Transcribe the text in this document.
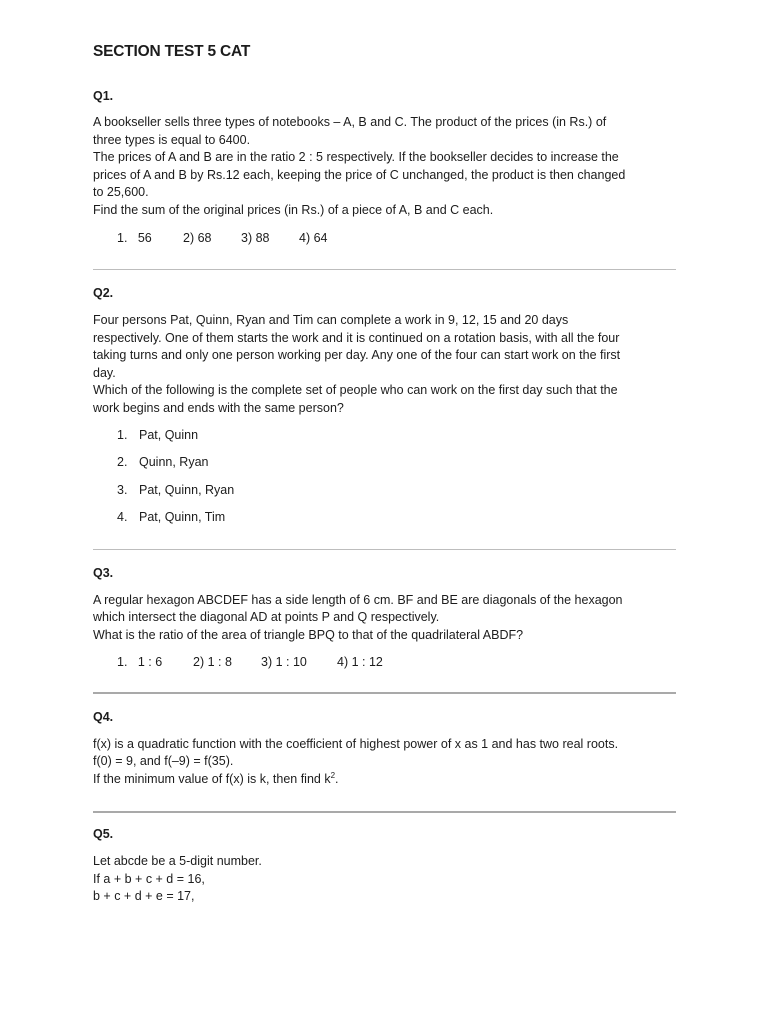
SECTION TEST 5 CAT
Q1.
A bookseller sells three types of notebooks – A, B and C. The product of the prices (in Rs.) of
three types is equal to 6400.
The prices of A and B are in the ratio 2 : 5 respectively. If the bookseller decides to increase the
prices of A and B by Rs.12 each, keeping the price of C unchanged, the product is then changed
to 25,600.
Find the sum of the original prices (in Rs.) of a piece of A, B and C each.
1.   56	2) 68 3) 88 4) 64
Q2.
Four persons Pat, Quinn, Ryan and Tim can complete a work in 9, 12, 15 and 20 days
respectively. One of them starts the work and it is continued on a rotation basis, with all the four
taking turns and only one person working per day. Any one of the four can start work on the first
day.
Which of the following is the complete set of people who can work on the first day such that the
work begins and ends with the same person?
1. Pat, Quinn
2. Quinn, Ryan
3. Pat, Quinn, Ryan
4. Pat, Quinn, Tim
Q3.
A regular hexagon ABCDEF has a side length of 6 cm. BF and BE are diagonals of the hexagon
which intersect the diagonal AD at points P and Q respectively.
What is the ratio of the area of triangle BPQ to that of the quadrilateral ABDF?
1.   1 : 6 2) 1 : 8 3) 1 : 10 4) 1 : 12
Q4.
f(x) is a quadratic function with the coefficient of highest power of x as 1 and has two real roots.
f(0) = 9, and f(–9) = f(35).
If the minimum value of f(x) is k, then find $k^2$.
Q5.
Let abcde be a 5-digit number.
If a + b + c + d = 16,
b + c + d + e = 17,
